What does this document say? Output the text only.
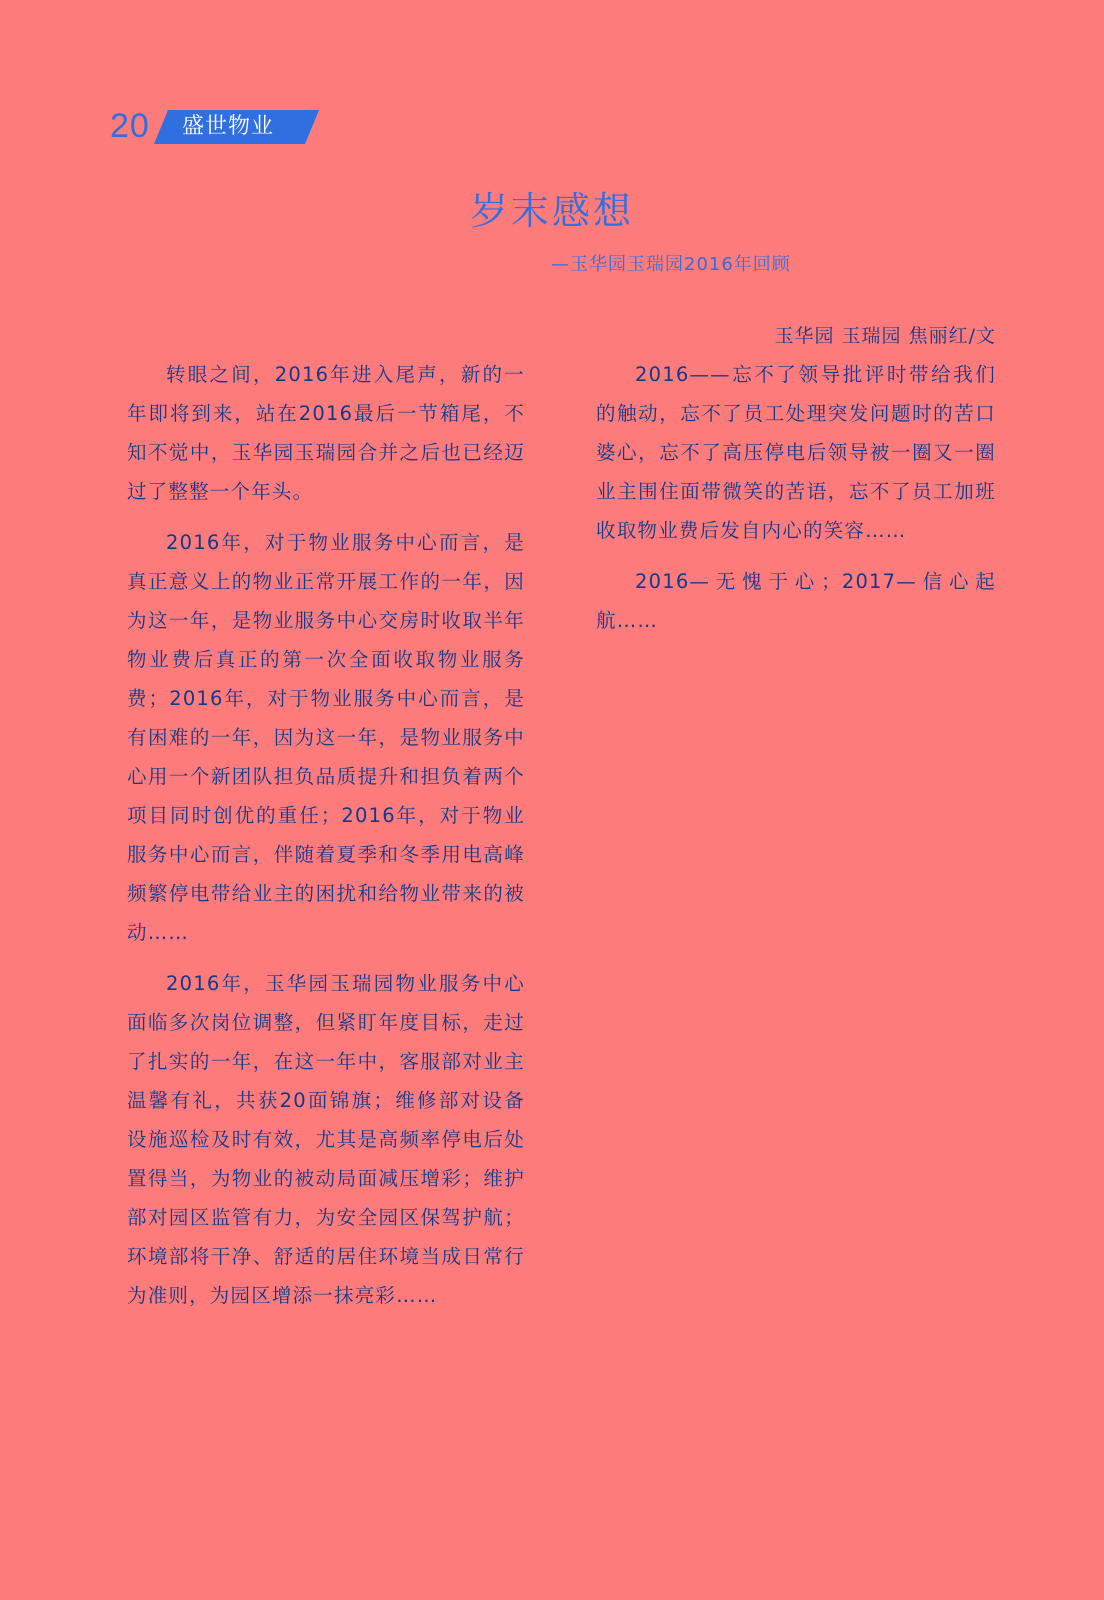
20 盛世物业
岁末感想
—玉华园玉瑞园2016年回顾
玉华园 玉瑞园 焦丽红/文

转眼之间，2016年进入尾声，新的一年即将到来，站在2016最后一节箱尾，不知不觉中，玉华园玉瑞园合并之后也已经迈过了整整一个年头。

2016年，对于物业服务中心而言，是真正意义上的物业正常开展工作的一年，因为这一年，是物业服务中心交房时收取半年物业费后真正的第一次全面收取物业服务费；2016年，对于物业服务中心而言，是有困难的一年，因为这一年，是物业服务中心用一个新团队担负品质提升和担负着两个项目同时创优的重任；2016年，对于物业服务中心而言，伴随着夏季和冬季用电高峰频繁停电带给业主的困扰和给物业带来的被动……

2016年，玉华园玉瑞园物业服务中心面临多次岗位调整，但紧盯年度目标，走过了扎实的一年，在这一年中，客服部对业主温馨有礼，共获20面锦旗；维修部对设备设施巡检及时有效，尤其是高频率停电后处置得当，为物业的被动局面减压增彩；维护部对园区监管有力，为安全园区保驾护航；环境部将干净、舒适的居住环境当成日常行为准则，为园区增添一抹亮彩……

2016——忘不了领导批评时带给我们的触动，忘不了员工处理突发问题时的苦口婆心，忘不了高压停电后领导被一圈又一圈业主围住面带微笑的苦语，忘不了员工加班收取物业费后发自内心的笑容……

2016—无愧于心；2017—信心起航……
